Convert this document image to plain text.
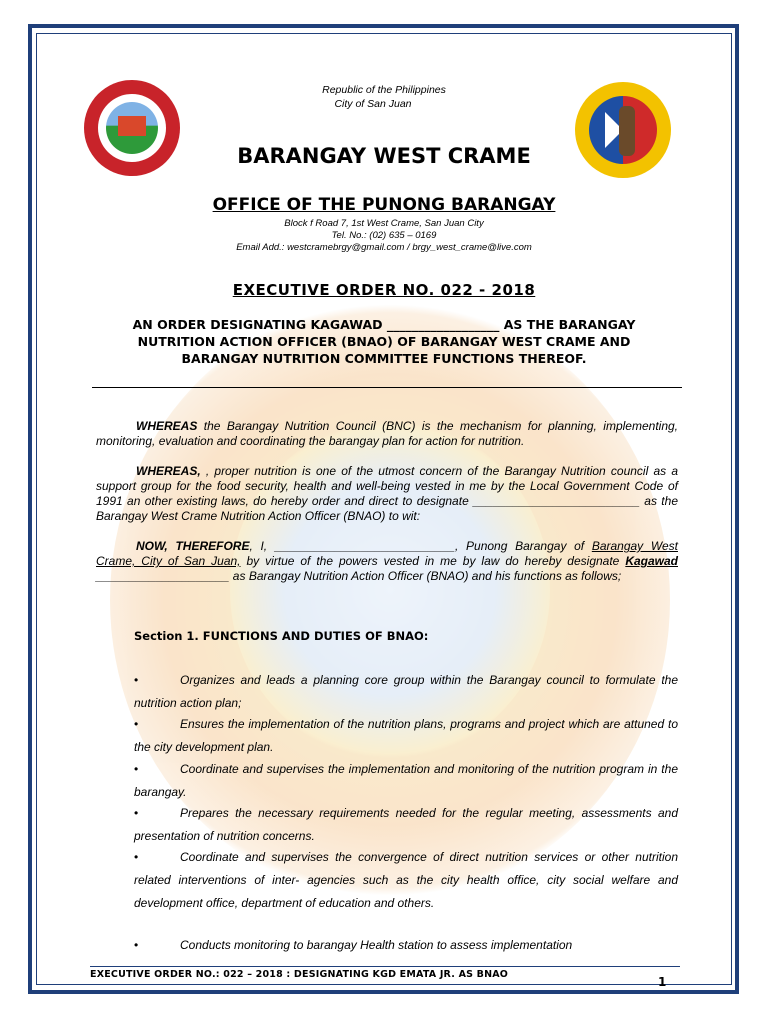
Republic of the Philippines
City of San Juan
BARANGAY WEST CRAME
OFFICE OF THE PUNONG BARANGAY
Block f Road 7, 1st West Crame, San Juan City
Tel. No.: (02) 635 – 0169
Email Add.: westcramebrgy@gmail.com / brgy_west_crame@live.com
EXECUTIVE ORDER NO. 022 - 2018
AN ORDER DESIGNATING KAGAWAD __________________ AS THE BARANGAY
NUTRITION ACTION OFFICER (BNAO) OF BARANGAY WEST CRAME AND
BARANGAY NUTRITION COMMITTEE FUNCTIONS THEREOF.
WHEREAS the Barangay Nutrition Council (BNC) is the mechanism for planning, implementing, monitoring, evaluation and coordinating the barangay plan for action for nutrition.
WHEREAS, , proper nutrition is one of the utmost concern of the Barangay Nutrition council as a support group for the food security, health and well-being vested in me by the Local Government Code of 1991 an other existing laws, do hereby order and direct to designate _________________________ as the Barangay West Crame Nutrition Action Officer (BNAO) to wit:
NOW, THEREFORE, I, ___________________________, Punong Barangay of Barangay West Crame, City of San Juan, by virtue of the powers vested in me by law do hereby designate Kagawad ____________________ as Barangay Nutrition Action Officer (BNAO) and his functions as follows;
Section 1. FUNCTIONS AND DUTIES OF BNAO:
•	Organizes and leads a planning core group within the Barangay council to formulate the nutrition action plan;
•	Ensures the implementation of the nutrition plans, programs and project which are attuned to the city development plan.
•	Coordinate and supervises the implementation and monitoring of the nutrition program in the barangay.
•	Prepares the necessary requirements needed for the regular meeting, assessments and presentation of nutrition concerns.
•	Coordinate and supervises the convergence of direct nutrition services or other nutrition related interventions of inter- agencies such as the city health office, city social welfare and development office, department of education and others.
•	Conducts monitoring to barangay Health station to assess implementation
EXECUTIVE ORDER NO.: 022 – 2018 : DESIGNATING KGD EMATA JR. AS BNAO
1
